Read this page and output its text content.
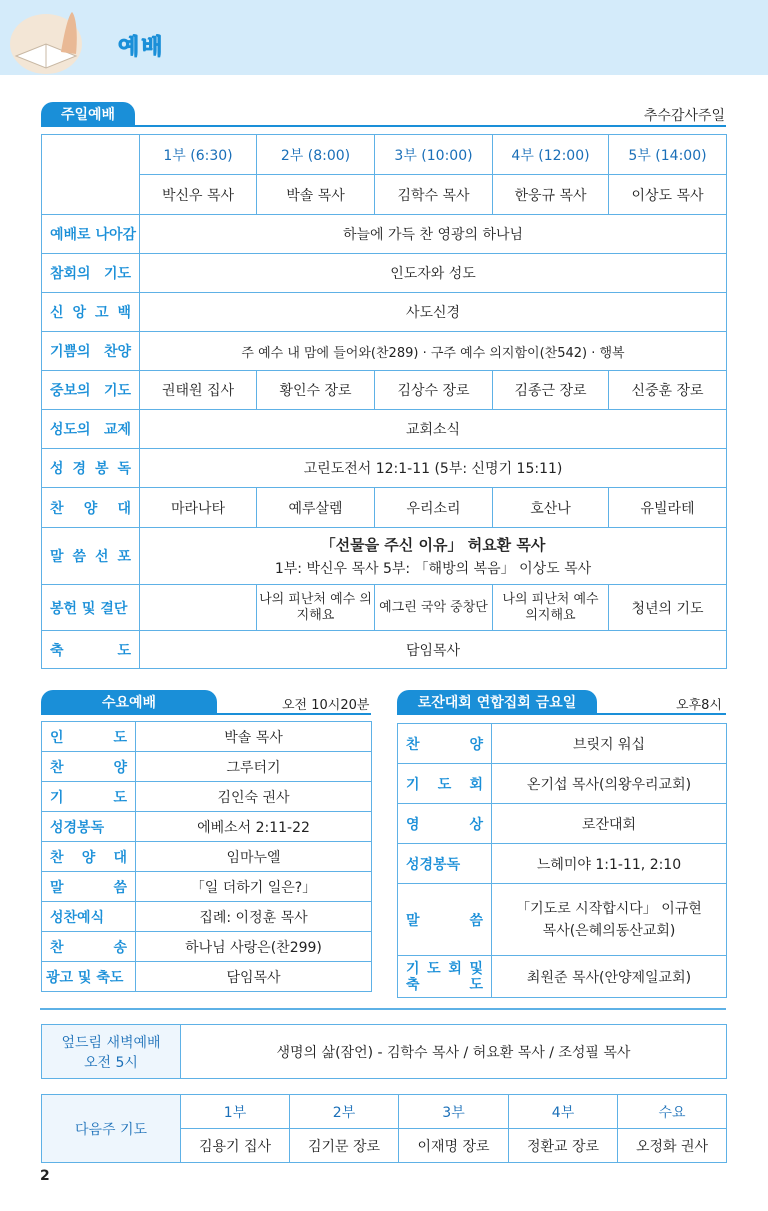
예배
주일예배	추수감사주일
	1부 (6:30)	2부 (8:00)	3부 (10:00)	4부 (12:00)	5부 (14:00)
	박신우 목사	박솔 목사	김학수 목사	한웅규 목사	이상도 목사
예배로 나아감	하늘에 가득 찬 영광의 하나님				
참회의 기도	인도자와 성도				
신 앙 고 백	사도신경				
기쁨의 찬양	주 예수 내 맘에 들어와(찬289) · 구주 예수 의지함이(찬542) · 행복				
중보의 기도	권태원 집사	황인수 장로	김상수 장로	김종근 장로	신중훈 장로
성도의 교제	교회소식				
성 경 봉 독	고린도전서 12:1-11 (5부: 신명기 15:11)				
찬 양 대	마라나타	예루살렘	우리소리	호산나	유빌라테
말 씀 선 포	「선물을 주신 이유」 허요환 목사
1부: 박신우 목사 5부: 「해방의 복음」 이상도 목사				

봉헌 및 결단		나의 피난처 예수 의지해요	예그린 국악 중창단	나의 피난처 예수 의지해요	청년의 기도
축 도	담임목사				
수요예배	오전 10시20분
인 도	박솔 목사
찬 양	그루터기
기 도	김인숙 권사
성경봉독	에베소서 2:11-22
찬 양 대	임마누엘
말 씀	「일 더하기 일은?」
성찬예식	집례: 이정훈 목사
찬 송	하나님 사랑은(찬299)
광고 및 축도	담임목사
로잔대회 연합집회 금요일	오후8시
찬 양	브릿지 워십
기 도 회	온기섭 목사(의왕우리교회)
영 상	로잔대회
성경봉독	느헤미야 1:1-11, 2:10
말 씀	「기도로 시작합시다」 이규현 목사(은혜의동산교회)
기 도 회 및 축 도	최원준 목사(안양제일교회)
엎드림 새벽예배
오전 5시
	생명의 삶(잠언) - 김학수 목사 / 허요환 목사 / 조성필 목사
다음주 기도	1부	2부	3부	4부	수요
	김용기 집사	김기문 장로	이재명 장로	정환교 장로	오정화 권사
2
